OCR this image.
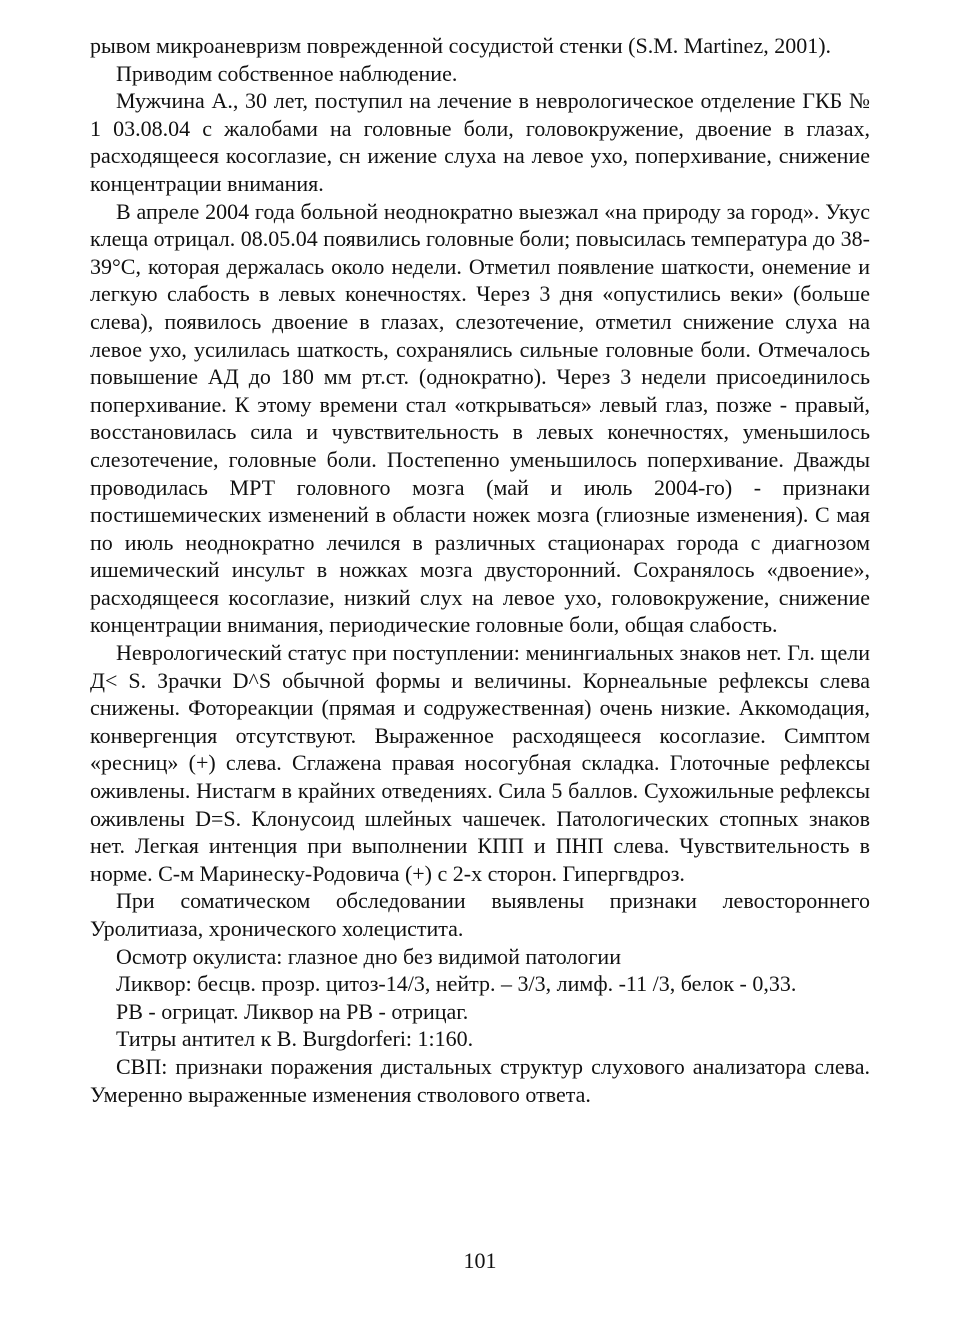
рывом микроаневризм поврежденной сосудистой стенки (S.M. Martinez, 2001).

Приводим собственное наблюдение.

Мужчина А., 30 лет, поступил на лечение в неврологическое отделение ГКБ № 1 03.08.04 с жалобами на головные боли, головокружение, двоение в глазах, расходящееся косоглазие, сн ижение слуха на левое ухо, поперхивание, снижение концентрации внимания.

В апреле 2004 года больной неоднократно выезжал «на природу за город». Укус клеща отрицал. 08.05.04 появились головные боли; повысилась температура до 38-39°С, которая держалась около недели. Отметил появление шаткости, онемение и легкую слабость в левых конечностях. Через 3 дня «опустились веки» (больше слева), появилось двоение в глазах, слезотечение, отметил снижение слуха на левое ухо, усилилась шаткость, сохранялись сильные головные боли. Отмечалось повышение АД до 180 мм рт.ст. (однократно). Через 3 недели присоединилось поперхивание. К этому времени стал «открываться» левый глаз, позже - правый, восстановилась сила и чувствительность в левых конечностях, уменьшилось слезотечение, головные боли. Постепенно уменьшилось поперхивание. Дважды проводилась МРТ головного мозга (май и июль 2004-го) - признаки постишемических изменений в области ножек мозга (глиозные изменения). С мая по июль неоднократно лечился в различных стационарах города с диагнозом ишемический инсульт в ножках мозга двусторонний. Сохранялось «двоение», расходящееся косоглазие, низкий слух на левое ухо, головокружение, снижение концентрации внимания, периодические головные боли, общая слабость.

Неврологический статус при поступлении: менингиальных знаков нет. Гл. щели Д< S. Зрачки D^S обычной формы и величины. Корнеальные рефлексы слева снижены. Фотореакции (прямая и содружественная) очень низкие. Аккомодация, конвергенция отсутствуют. Выраженное расходящееся косоглазие. Симптом «ресниц» (+) слева. Сглажена правая носогубная складка. Глоточные рефлексы оживлены. Нистагм в крайних отведениях. Сила 5 баллов. Сухожильные рефлексы оживлены D=S. Клонусоид шлейных чашечек. Патологических стопных знаков нет. Легкая интенция при выполнении КПП и ПНП слева. Чувствительность в норме. С-м Маринеску-Родовича (+) с 2-х сторон. Гипергвдроз.

При соматическом обследовании выявлены признаки левостороннего Уролитиаза, хронического холецистита.

Осмотр окулиста: глазное дно без видимой патологии

Ликвор: бесцв. прозр. цитоз-14/3, нейтр. – 3/3, лимф. -11 /3, белок - 0,33.

РВ - огрицат. Ликвор на РВ - отрицаг.

Титры антител к В. Burgdorferi: 1:160.

СВП: признаки поражения дистальных структур слухового анализатора слева. Умеренно выраженные изменения стволового ответа.

101
